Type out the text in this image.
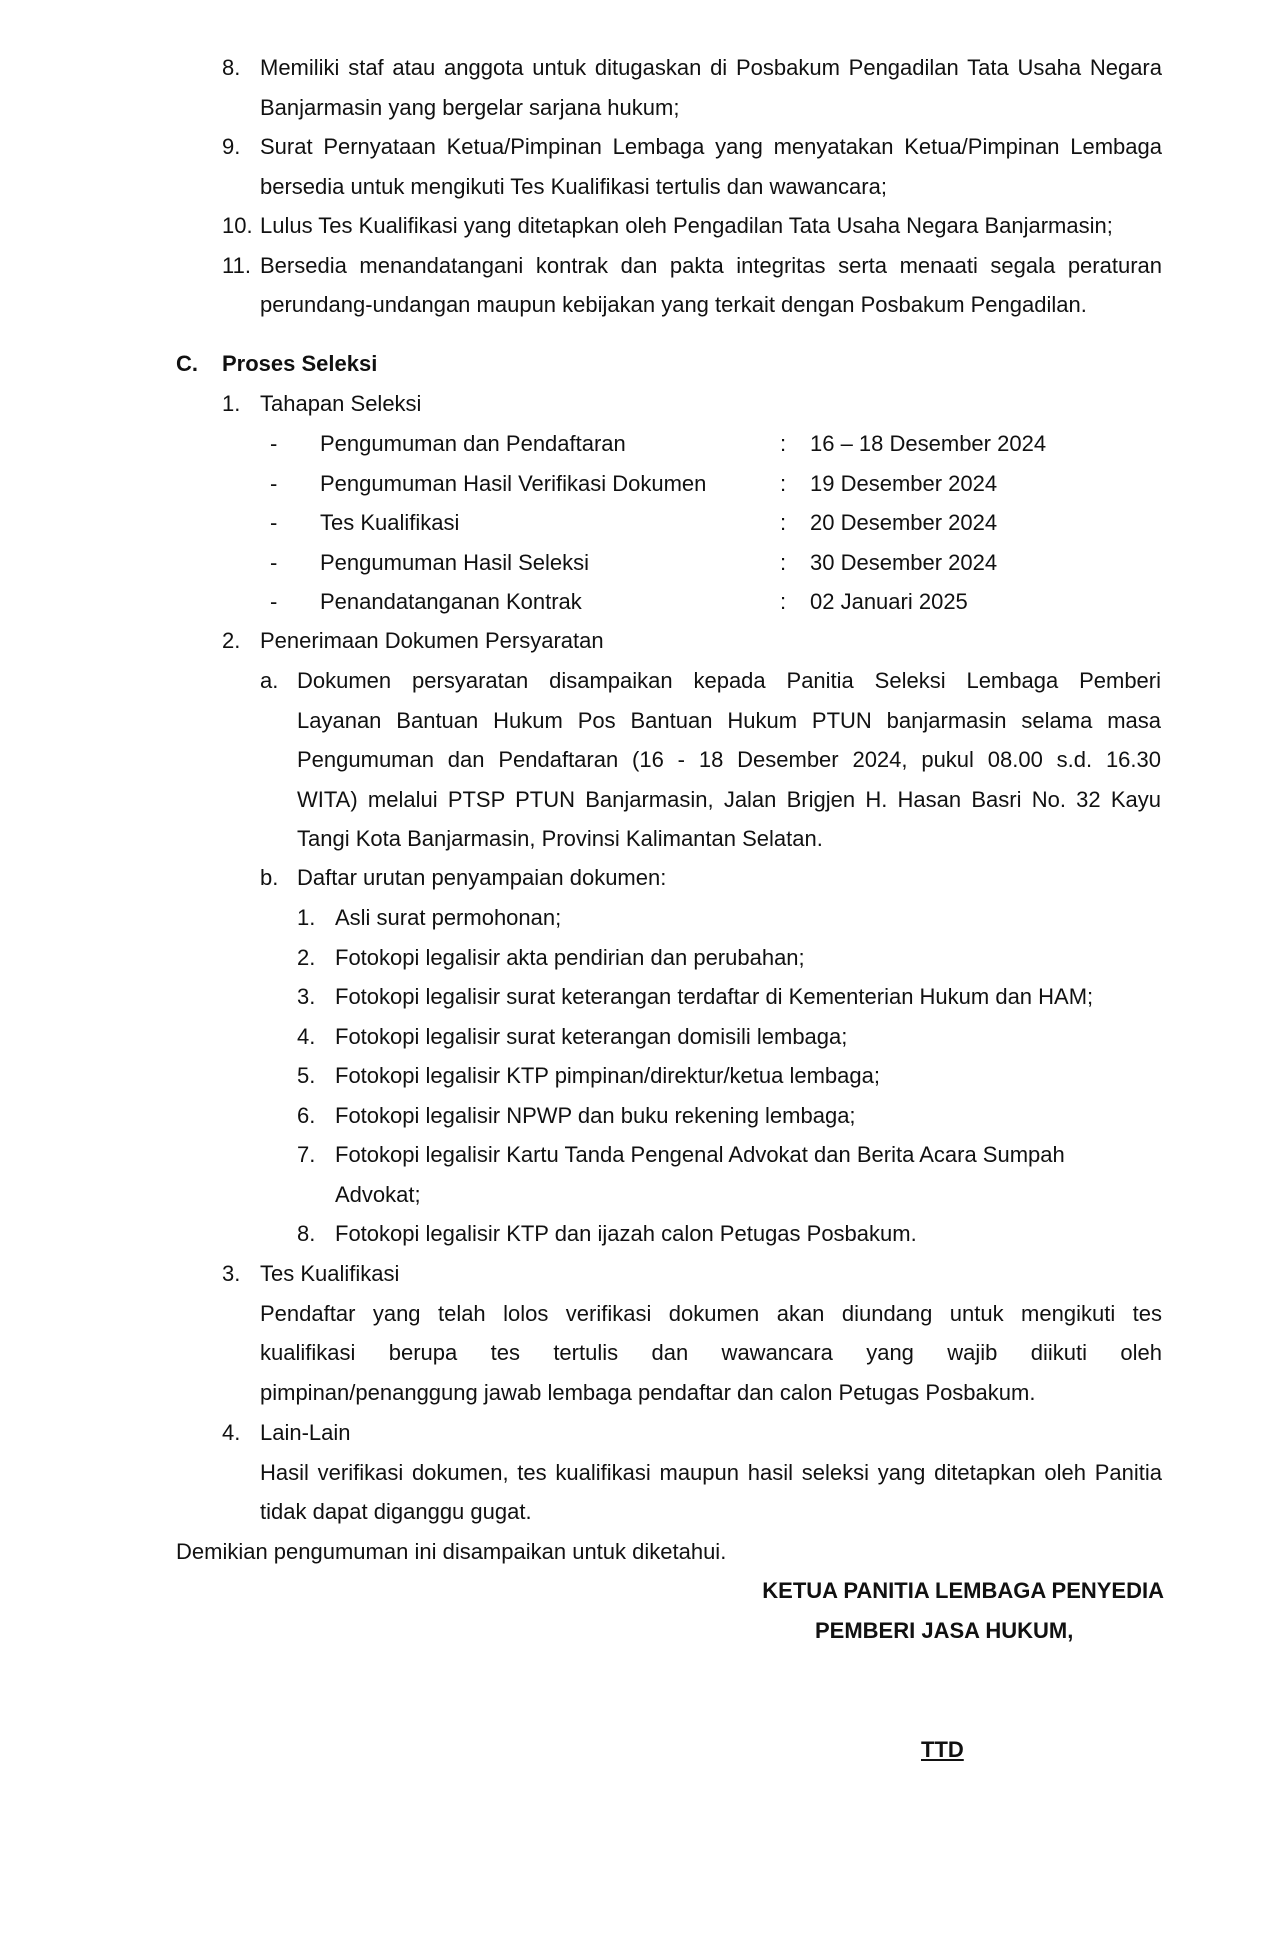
8. Memiliki staf atau anggota untuk ditugaskan di Posbakum Pengadilan Tata Usaha Negara
Banjarmasin yang bergelar sarjana hukum;
9. Surat Pernyataan Ketua/Pimpinan Lembaga yang menyatakan Ketua/Pimpinan Lembaga
bersedia untuk mengikuti Tes Kualifikasi tertulis dan wawancara;
10. Lulus Tes Kualifikasi yang ditetapkan oleh Pengadilan Tata Usaha Negara Banjarmasin;
11. Bersedia menandatangani kontrak dan pakta integritas serta menaati segala peraturan
perundang-undangan maupun kebijakan yang terkait dengan Posbakum Pengadilan.
C.	Proses Seleksi
1. Tahapan Seleksi
-	Pengumuman dan Pendaftaran	:	16 – 18 Desember 2024
-	Pengumuman Hasil Verifikasi Dokumen	:	19 Desember 2024
-	Tes Kualifikasi	:	20 Desember 2024
-	Pengumuman Hasil Seleksi	:	30 Desember 2024
-	Penandatanganan Kontrak	:	02 Januari 2025
2. Penerimaan Dokumen Persyaratan
a. Dokumen persyaratan disampaikan kepada Panitia Seleksi Lembaga Pemberi
Layanan Bantuan Hukum Pos Bantuan Hukum PTUN banjarmasin selama masa
Pengumuman dan Pendaftaran (16 - 18 Desember 2024, pukul 08.00 s.d. 16.30
WITA) melalui PTSP PTUN Banjarmasin, Jalan Brigjen H. Hasan Basri No. 32 Kayu
Tangi Kota Banjarmasin, Provinsi Kalimantan Selatan.
b. Daftar urutan penyampaian dokumen:
1. Asli surat permohonan;
2. Fotokopi legalisir akta pendirian dan perubahan;
3. Fotokopi legalisir surat keterangan terdaftar di Kementerian Hukum dan HAM;
4. Fotokopi legalisir surat keterangan domisili lembaga;
5. Fotokopi legalisir KTP pimpinan/direktur/ketua lembaga;
6. Fotokopi legalisir NPWP dan buku rekening lembaga;
7. Fotokopi legalisir Kartu Tanda Pengenal Advokat dan Berita Acara Sumpah
Advokat;
8. Fotokopi legalisir KTP dan ijazah calon Petugas Posbakum.
3. Tes Kualifikasi
Pendaftar yang telah lolos verifikasi dokumen akan diundang untuk mengikuti tes
kualifikasi berupa tes tertulis dan wawancara yang wajib diikuti oleh
pimpinan/penanggung jawab lembaga pendaftar dan calon Petugas Posbakum.
4. Lain-Lain
Hasil verifikasi dokumen, tes kualifikasi maupun hasil seleksi yang ditetapkan oleh Panitia
tidak dapat diganggu gugat.
Demikian pengumuman ini disampaikan untuk diketahui.
KETUA PANITIA LEMBAGA PENYEDIA
PEMBERI JASA HUKUM,
TTD
